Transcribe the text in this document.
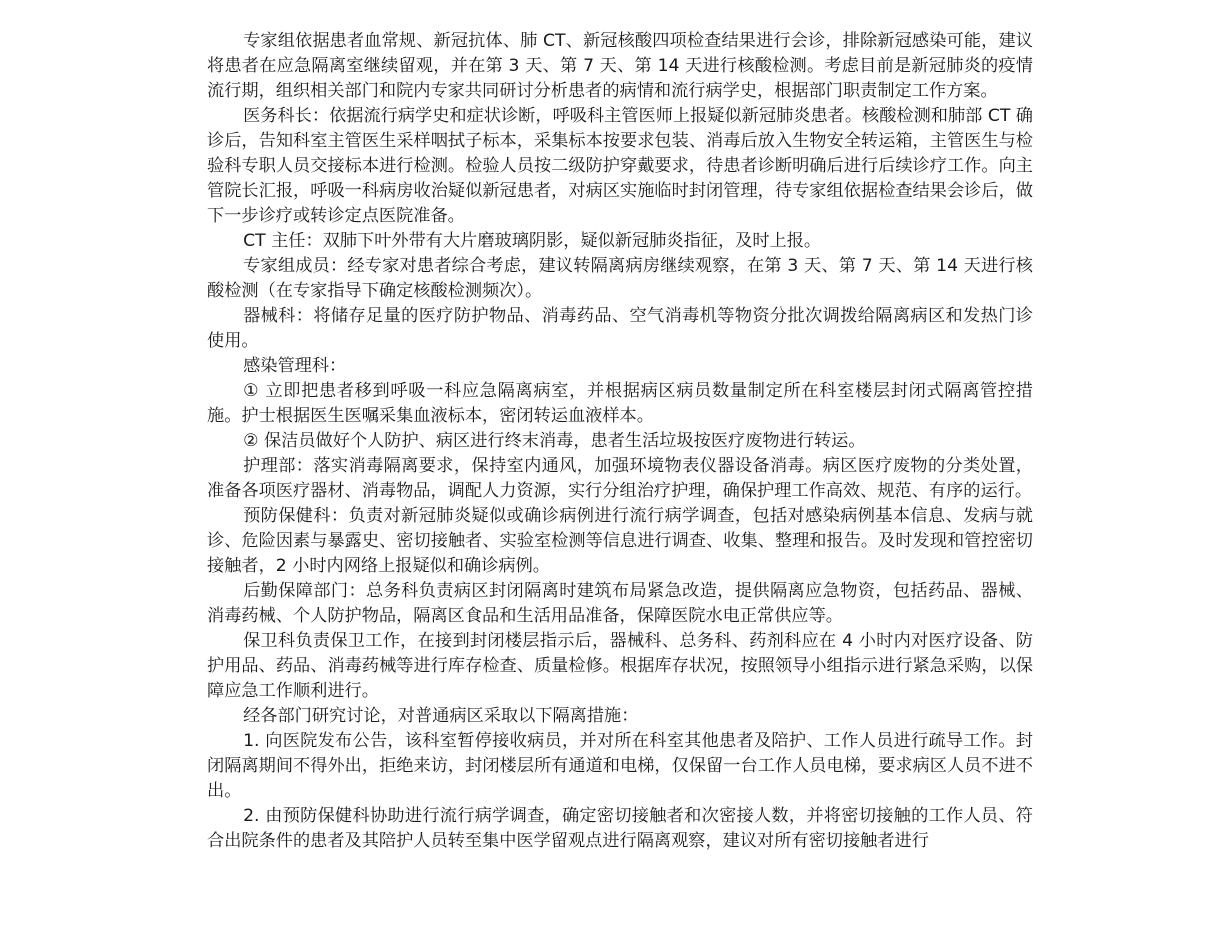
专家组依据患者血常规、新冠抗体、肺 CT、新冠核酸四项检查结果进行会诊，排除新冠感染可能，建议将患者在应急隔离室继续留观，并在第 3 天、第 7 天、第 14 天进行核酸检测。考虑目前是新冠肺炎的疫情流行期，组织相关部门和院内专家共同研讨分析患者的病情和流行病学史，根据部门职责制定工作方案。

医务科长：依据流行病学史和症状诊断，呼吸科主管医师上报疑似新冠肺炎患者。核酸检测和肺部 CT 确诊后，告知科室主管医生采样咽拭子标本，采集标本按要求包装、消毒后放入生物安全转运箱，主管医生与检验科专职人员交接标本进行检测。检验人员按二级防护穿戴要求，待患者诊断明确后进行后续诊疗工作。向主管院长汇报，呼吸一科病房收治疑似新冠患者，对病区实施临时封闭管理，待专家组依据检查结果会诊后，做下一步诊疗或转诊定点医院准备。

CT 主任：双肺下叶外带有大片磨玻璃阴影，疑似新冠肺炎指征，及时上报。

专家组成员：经专家对患者综合考虑，建议转隔离病房继续观察，在第 3 天、第 7 天、第 14 天进行核酸检测（在专家指导下确定核酸检测频次）。

器械科：将储存足量的医疗防护物品、消毒药品、空气消毒机等物资分批次调拨给隔离病区和发热门诊使用。

感染管理科：

① 立即把患者移到呼吸一科应急隔离病室，并根据病区病员数量制定所在科室楼层封闭式隔离管控措施。护士根据医生医嘱采集血液标本，密闭转运血液样本。

② 保洁员做好个人防护、病区进行终末消毒，患者生活垃圾按医疗废物进行转运。

护理部：落实消毒隔离要求，保持室内通风，加强环境物表仪器设备消毒。病区医疗废物的分类处置，准备各项医疗器材、消毒物品，调配人力资源，实行分组治疗护理，确保护理工作高效、规范、有序的运行。

预防保健科：负责对新冠肺炎疑似或确诊病例进行流行病学调查，包括对感染病例基本信息、发病与就诊、危险因素与暴露史、密切接触者、实验室检测等信息进行调查、收集、整理和报告。及时发现和管控密切接触者，2 小时内网络上报疑似和确诊病例。

后勤保障部门：总务科负责病区封闭隔离时建筑布局紧急改造，提供隔离应急物资，包括药品、器械、消毒药械、个人防护物品，隔离区食品和生活用品准备，保障医院水电正常供应等。

保卫科负责保卫工作，在接到封闭楼层指示后，器械科、总务科、药剂科应在 4 小时内对医疗设备、防护用品、药品、消毒药械等进行库存检查、质量检修。根据库存状况，按照领导小组指示进行紧急采购，以保障应急工作顺利进行。

经各部门研究讨论，对普通病区采取以下隔离措施：

1. 向医院发布公告，该科室暂停接收病员，并对所在科室其他患者及陪护、工作人员进行疏导工作。封闭隔离期间不得外出，拒绝来访，封闭楼层所有通道和电梯，仅保留一台工作人员电梯，要求病区人员不进不出。

2. 由预防保健科协助进行流行病学调查，确定密切接触者和次密接人数，并将密切接触的工作人员、符合出院条件的患者及其陪护人员转至集中医学留观点进行隔离观察，建议对所有密切接触者进行
